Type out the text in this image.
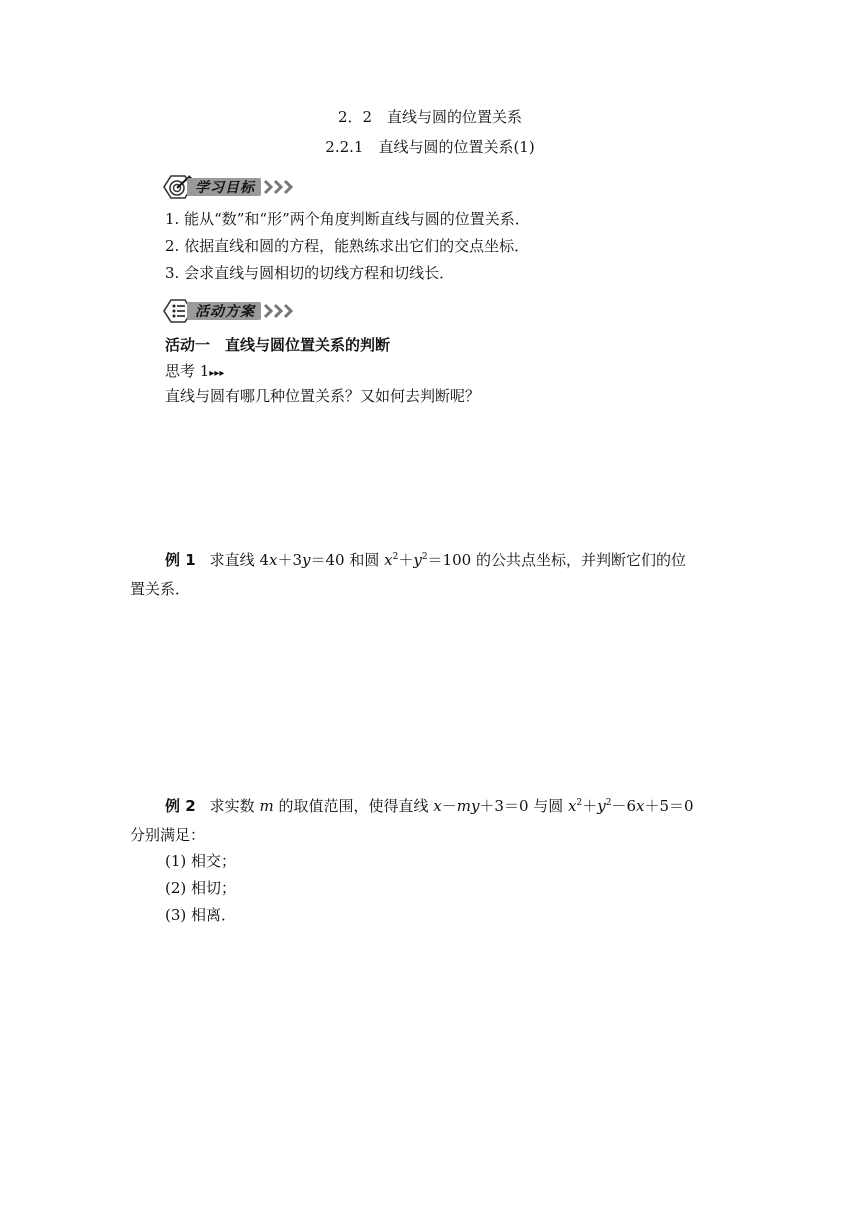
2．2　直线与圆的位置关系
2.2.1　直线与圆的位置关系(1)
学习目标
1. 能从“数”和“形”两个角度判断直线与圆的位置关系．
2. 依据直线和圆的方程，能熟练求出它们的交点坐标．
3. 会求直线与圆相切的切线方程和切线长．
活动方案
活动一　直线与圆位置关系的判断
思考 1▸▸▸
直线与圆有哪几种位置关系？又如何去判断呢？
例 1 求直线 4x＋3y＝40 和圆 $x^2+y^2=100$ 的公共点坐标，并判断它们的位
置关系．
例 2 求实数 m 的取值范围，使得直线 x－my＋3＝0 与圆 $x^2+y^2-6x+5=0$
分别满足：
(1) 相交；
(2) 相切；
(3) 相离．
